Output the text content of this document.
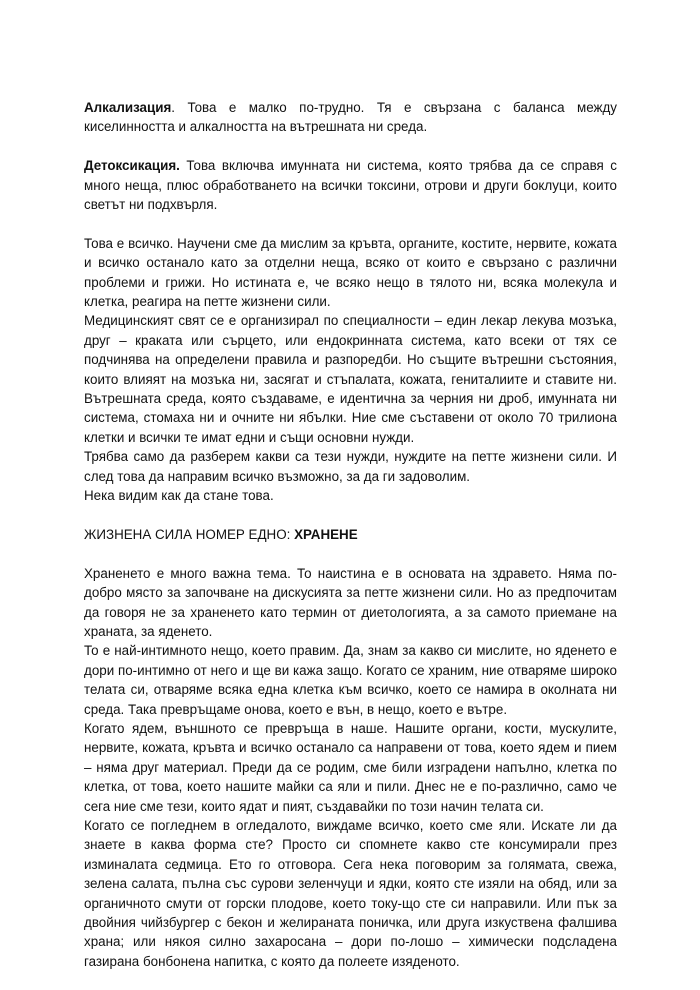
Алкализация. Това е малко по-трудно. Тя е свързана с баланса между киселинността и алкалността на вътрешната ни среда.

Детоксикация. Това включва имунната ни система, която трябва да се справя с много неща, плюс обработването на всички токсини, отрови и други боклуци, които светът ни подхвърля.

Това е всичко. Научени сме да мислим за кръвта, органите, костите, нервите, кожата и всичко останало като за отделни неща, всяко от които е свързано с различни проблеми и грижи. Но истината е, че всяко нещо в тялото ни, всяка молекула и клетка, реагира на петте жизнени сили.

Медицинският свят се е организирал по специалности – един лекар лекува мозъка, друг – краката или сърцето, или ендокринната система, като всеки от тях се подчинява на определени правила и разпоредби. Но същите вътрешни състояния, които влияят на мозъка ни, засягат и стъпалата, кожата, гениталиите и ставите ни. Вътрешната среда, която създаваме, е идентична за черния ни дроб, имунната ни система, стомаха ни и очните ни ябълки. Ние сме съставени от около 70 трилиона клетки и всички те имат едни и същи основни нужди.

Трябва само да разберем какви са тези нужди, нуждите на петте жизнени сили. И след това да направим всичко възможно, за да ги задоволим.

Нека видим как да стане това.

ЖИЗНЕНА СИЛА НОМЕР ЕДНО: ХРАНЕНЕ

Храненето е много важна тема. То наистина е в основата на здравето. Няма по-добро място за започване на дискусията за петте жизнени сили. Но аз предпочитам да говоря не за храненето като термин от диетологията, а за самото приемане на храната, за яденето.

То е най-интимното нещо, което правим. Да, знам за какво си мислите, но яденето е дори по-интимно от него и ще ви кажа защо. Когато се храним, ние отваряме широко телата си, отваряме всяка една клетка към всичко, което се намира в околната ни среда. Така превръщаме онова, което е вън, в нещо, което е вътре.

Когато ядем, външното се превръща в наше. Нашите органи, кости, мускулите, нервите, кожата, кръвта и всичко останало са направени от това, което ядем и пием – няма друг материал. Преди да се родим, сме били изградени напълно, клетка по клетка, от това, което нашите майки са яли и пили. Днес не е по-различно, само че сега ние сме тези, които ядат и пият, създавайки по този начин телата си.

Когато се погледнем в огледалото, виждаме всичко, което сме яли. Искате ли да знаете в каква форма сте? Просто си спомнете какво сте консумирали през изминалата седмица. Ето го отговора. Сега нека поговорим за голямата, свежа, зелена салата, пълна със сурови зеленчуци и ядки, която сте изяли на обяд, или за органичното смути от горски плодове, което току-що сте си направили. Или пък за двойния чийзбургер с бекон и желираната поничка, или друга изкуствена фалшива храна; или някоя силно захаросана – дори по-лошо – химически подсладена газирана бонбонена напитка, с която да полеете изяденото.
